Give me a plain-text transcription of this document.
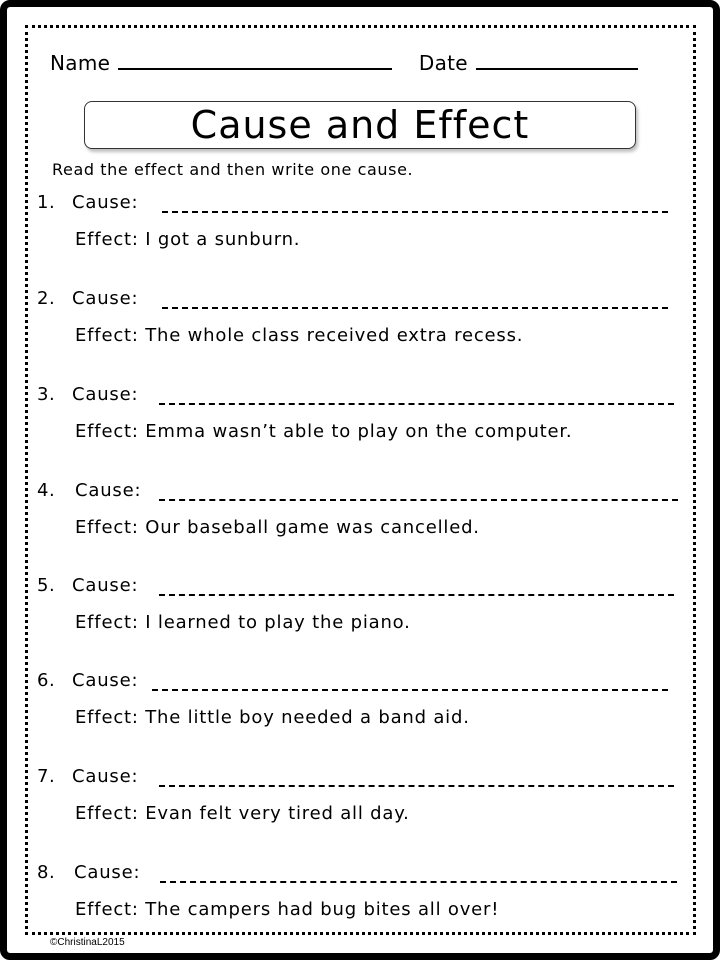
Name	Date
Cause and Effect
Read the effect and then write one cause.
1. Cause:
Effect: I got a sunburn.
2. Cause:
Effect: The whole class received extra recess.
3. Cause:
Effect: Emma wasn’t able to play on the computer.
4. Cause:
Effect: Our baseball game was cancelled.
5. Cause:
Effect: I learned to play the piano.
6. Cause:
Effect: The little boy needed a band aid.
7. Cause:
Effect: Evan felt very tired all day.
8. Cause:
Effect: The campers had bug bites all over!
©ChristinaL2015
